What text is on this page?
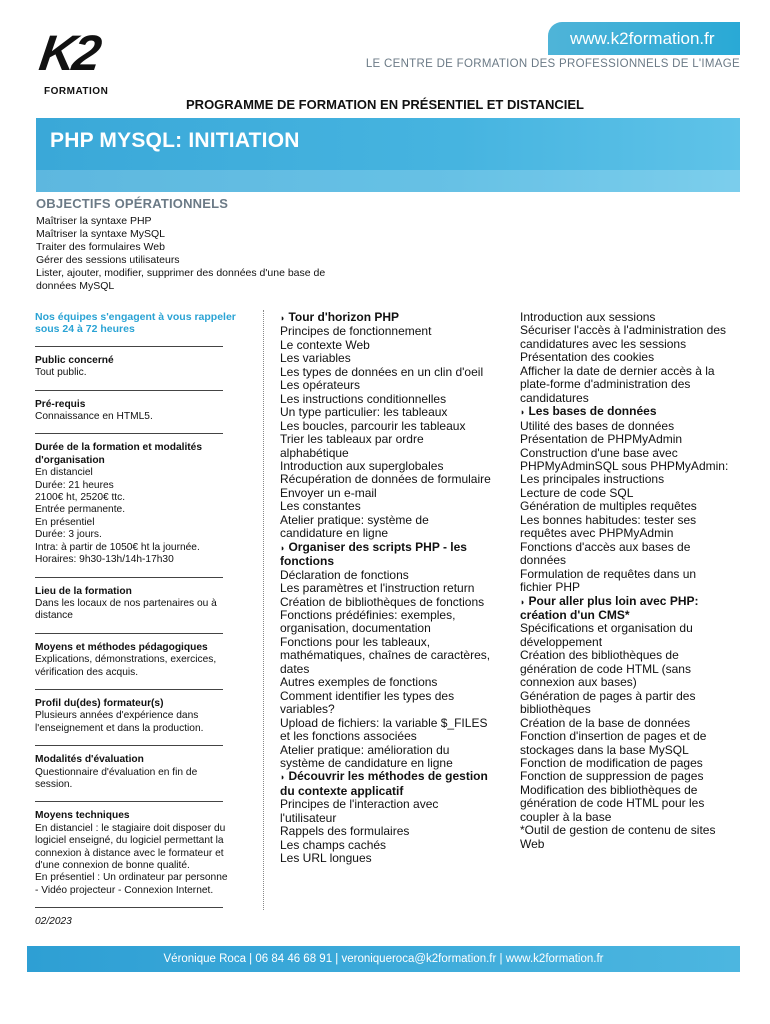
K2
FORMATION
www.k2formation.fr
LE CENTRE DE FORMATION DES PROFESSIONNELS DE L'IMAGE
PROGRAMME DE FORMATION EN PRÉSENTIEL ET DISTANCIEL
PHP MYSQL: INITIATION
OBJECTIFS OPÉRATIONNELS
Maîtriser la syntaxe PHP
Maîtriser la syntaxe MySQL
Traiter des formulaires Web
Gérer des sessions utilisateurs
Lister, ajouter, modifier, supprimer des données d'une base de
données MySQL
Nos équipes s'engagent à vous rappeler
sous 24 à 72 heures
Public concerné
Tout public.
Pré-requis
Connaissance en HTML5.
Durée de la formation et modalités
d'organisation
En distanciel
Durée: 21 heures
2100€ ht, 2520€ ttc.
Entrée permanente.
En présentiel
Durée: 3 jours.
Intra: à partir de 1050€ ht la journée.
Horaires: 9h30-13h/14h-17h30
Lieu de la formation
Dans les locaux de nos partenaires ou à
distance
Moyens et méthodes pédagogiques
Explications, démonstrations, exercices,
vérification des acquis.
Profil du(des) formateur(s)
Plusieurs années d'expérience dans
l'enseignement et dans la production.
Modalités d'évaluation
Questionnaire d'évaluation en fin de
session.
Moyens techniques
En distanciel : le stagiaire doit disposer du
logiciel enseigné, du logiciel permettant la
connexion à distance avec le formateur et
d'une connexion de bonne qualité.
En présentiel : Un ordinateur par personne
- Vidéo projecteur - Connexion Internet.
02/2023
◗ Tour d'horizon PHP
Principes de fonctionnement
Le contexte Web
Les variables
Les types de données en un clin d'oeil
Les opérateurs
Les instructions conditionnelles
Un type particulier: les tableaux
Les boucles, parcourir les tableaux
Trier les tableaux par ordre
alphabétique
Introduction aux superglobales
Récupération de données de formulaire
Envoyer un e-mail
Les constantes
Atelier pratique: système de
candidature en ligne
◗ Organiser des scripts PHP - les
fonctions
Déclaration de fonctions
Les paramètres et l'instruction return
Création de bibliothèques de fonctions
Fonctions prédéfinies: exemples,
organisation, documentation
Fonctions pour les tableaux,
mathématiques, chaînes de caractères,
dates
Autres exemples de fonctions
Comment identifier les types des
variables?
Upload de fichiers: la variable $_FILES
et les fonctions associées
Atelier pratique: amélioration du
système de candidature en ligne
◗ Découvrir les méthodes de gestion
du contexte applicatif
Principes de l'interaction avec
l'utilisateur
Rappels des formulaires
Les champs cachés
Les URL longues
Introduction aux sessions
Sécuriser l'accès à l'administration des
candidatures avec les sessions
Présentation des cookies
Afficher la date de dernier accès à la
plate-forme d'administration des
candidatures
◗ Les bases de données
Utilité des bases de données
Présentation de PHPMyAdmin
Construction d'une base avec
PHPMyAdminSQL sous PHPMyAdmin:
Les principales instructions
Lecture de code SQL
Génération de multiples requêtes
Les bonnes habitudes: tester ses
requêtes avec PHPMyAdmin
Fonctions d'accès aux bases de
données
Formulation de requêtes dans un
fichier PHP
◗ Pour aller plus loin avec PHP:
création d'un CMS*
Spécifications et organisation du
développement
Création des bibliothèques de
génération de code HTML (sans
connexion aux bases)
Génération de pages à partir des
bibliothèques
Création de la base de données
Fonction d'insertion de pages et de
stockages dans la base MySQL
Fonction de modification de pages
Fonction de suppression de pages
Modification des bibliothèques de
génération de code HTML pour les
coupler à la base
*Outil de gestion de contenu de sites
Web
Véronique Roca | 06 84 46 68 91 | veroniqueroca@k2formation.fr | www.k2formation.fr
